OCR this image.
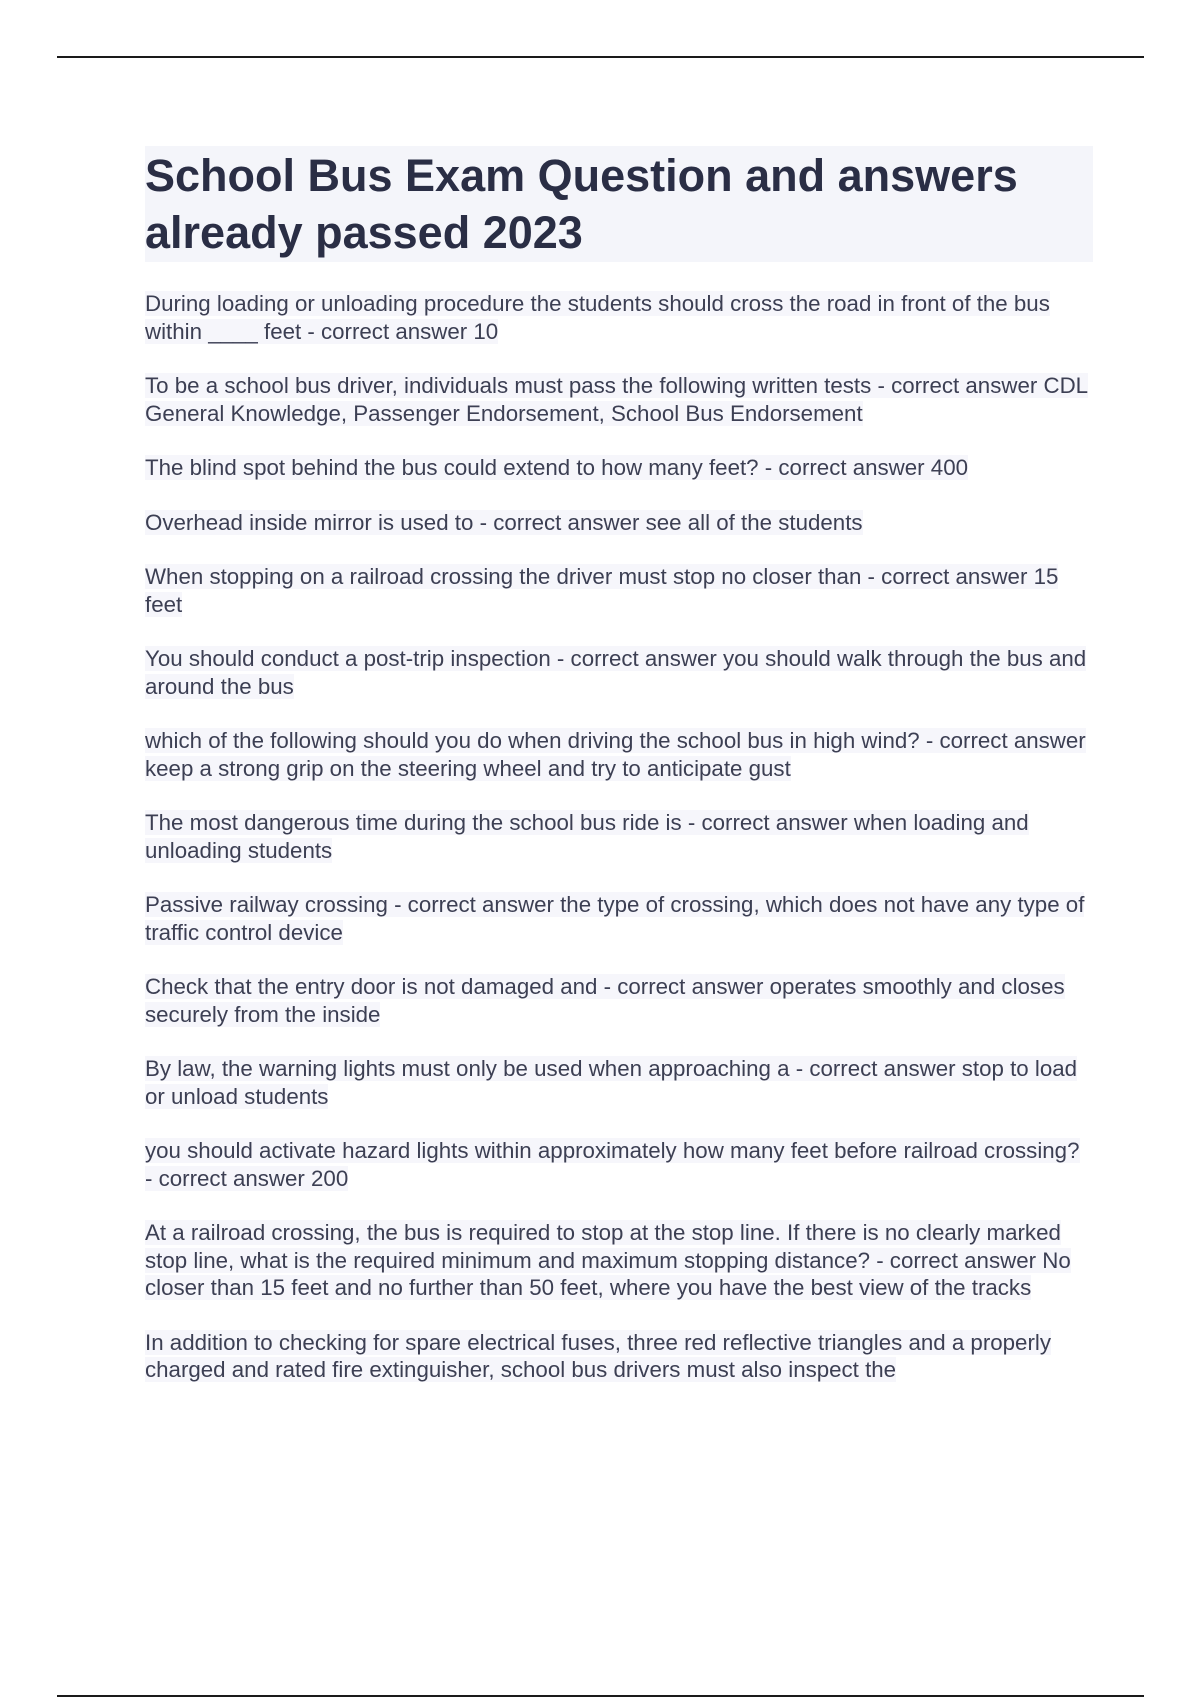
School Bus Exam Question and answers already passed 2023
During loading or unloading procedure the students should cross the road in front of the bus within ____ feet - correct answer 10
To be a school bus driver, individuals must pass the following written tests - correct answer CDL General Knowledge, Passenger Endorsement, School Bus Endorsement
The blind spot behind the bus could extend to how many feet? - correct answer 400
Overhead inside mirror is used to - correct answer see all of the students
When stopping on a railroad crossing the driver must stop no closer than - correct answer 15 feet
You should conduct a post-trip inspection - correct answer you should walk through the bus and around the bus
which of the following should you do when driving the school bus in high wind? - correct answer keep a strong grip on the steering wheel and try to anticipate gust
The most dangerous time during the school bus ride is - correct answer when loading and unloading students
Passive railway crossing - correct answer the type of crossing, which does not have any type of traffic control device
Check that the entry door is not damaged and - correct answer operates smoothly and closes securely from the inside
By law, the warning lights must only be used when approaching a - correct answer stop to load or unload students
you should activate hazard lights within approximately how many feet before railroad crossing? - correct answer 200
At a railroad crossing, the bus is required to stop at the stop line. If there is no clearly marked stop line, what is the required minimum and maximum stopping distance? - correct answer No closer than 15 feet and no further than 50 feet, where you have the best view of the tracks
In addition to checking for spare electrical fuses, three red reflective triangles and a properly charged and rated fire extinguisher, school bus drivers must also inspect the
